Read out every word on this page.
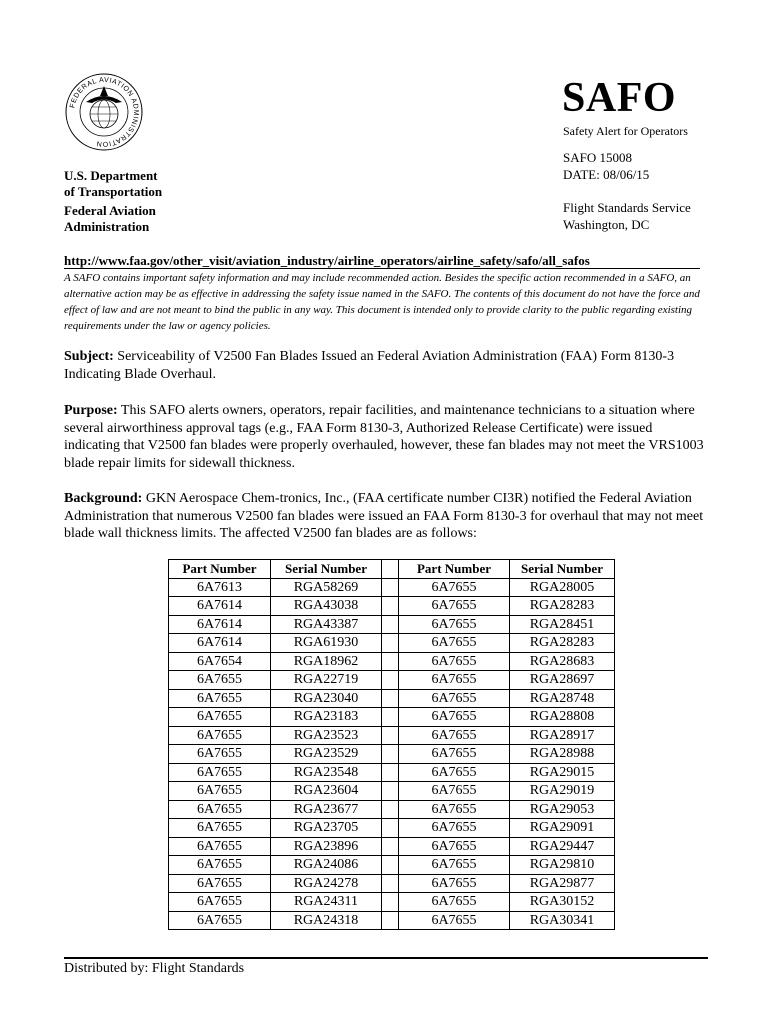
FEDERAL AVIATION ADMINISTRATION
SAFO
Safety Alert for Operators
SAFO 15008
DATE: 08/06/15
Flight Standards Service
Washington, DC
U.S. Department
of Transportation
Federal Aviation
Administration
http://www.faa.gov/other_visit/aviation_industry/airline_operators/airline_safety/safo/all_safos
A SAFO contains important safety information and may include recommended action. Besides the specific action recommended in a SAFO, an alternative action may be as effective in addressing the safety issue named in the SAFO. The contents of this document do not have the force and effect of law and are not meant to bind the public in any way. This document is intended only to provide clarity to the public regarding existing requirements under the law or agency policies.
Subject: Serviceability of V2500 Fan Blades Issued an Federal Aviation Administration (FAA) Form 8130-3 Indicating Blade Overhaul.
Purpose: This SAFO alerts owners, operators, repair facilities, and maintenance technicians to a situation where several airworthiness approval tags (e.g., FAA Form 8130-3, Authorized Release Certificate) were issued indicating that V2500 fan blades were properly overhauled, however, these fan blades may not meet the VRS1003 blade repair limits for sidewall thickness.
Background: GKN Aerospace Chem-tronics, Inc., (FAA certificate number CI3R) notified the Federal Aviation Administration that numerous V2500 fan blades were issued an FAA Form 8130-3 for overhaul that may not meet blade wall thickness limits. The affected V2500 fan blades are as follows:
Part Number	Serial Number		Part Number	Serial Number
6A7613	RGA58269		6A7655	RGA28005
6A7614	RGA43038		6A7655	RGA28283
6A7614	RGA43387		6A7655	RGA28451
6A7614	RGA61930		6A7655	RGA28283
6A7654	RGA18962		6A7655	RGA28683
6A7655	RGA22719		6A7655	RGA28697
6A7655	RGA23040		6A7655	RGA28748
6A7655	RGA23183		6A7655	RGA28808
6A7655	RGA23523		6A7655	RGA28917
6A7655	RGA23529		6A7655	RGA28988
6A7655	RGA23548		6A7655	RGA29015
6A7655	RGA23604		6A7655	RGA29019
6A7655	RGA23677		6A7655	RGA29053
6A7655	RGA23705		6A7655	RGA29091
6A7655	RGA23896		6A7655	RGA29447
6A7655	RGA24086		6A7655	RGA29810
6A7655	RGA24278		6A7655	RGA29877
6A7655	RGA24311		6A7655	RGA30152
6A7655	RGA24318		6A7655	RGA30341
Distributed by: Flight Standards
